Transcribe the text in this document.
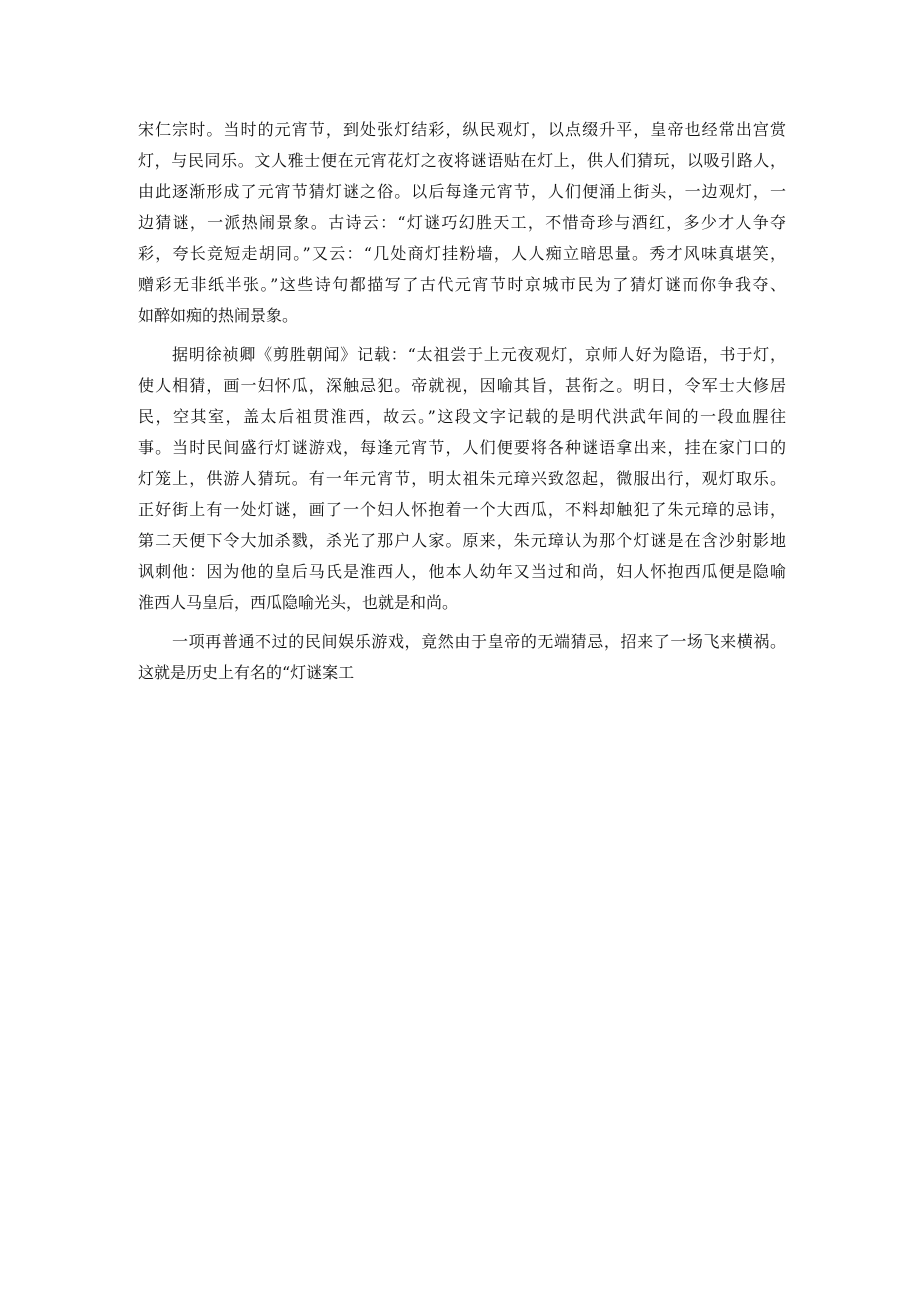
宋仁宗时。当时的元宵节，到处张灯结彩，纵民观灯，以点缀升平，皇帝也经常出宫赏
灯，与民同乐。文人雅士便在元宵花灯之夜将谜语贴在灯上，供人们猜玩，以吸引路人，
由此逐渐形成了元宵节猜灯谜之俗。以后每逢元宵节，人们便涌上街头，一边观灯，一
边猜谜，一派热闹景象。古诗云：“灯谜巧幻胜天工，不惜奇珍与酒红，多少才人争夺
彩，夸长竞短走胡同。”又云：“几处商灯挂粉墙，人人痴立暗思量。秀才风味真堪笑，
赠彩无非纸半张。”这些诗句都描写了古代元宵节时京城市民为了猜灯谜而你争我夺、
如醉如痴的热闹景象。
据明徐祯卿《剪胜朝闻》记载：“太祖尝于上元夜观灯，京师人好为隐语，书于灯，
使人相猜，画一妇怀瓜，深触忌犯。帝就视，因喻其旨，甚衔之。明日，令军士大修居
民，空其室，盖太后祖贯淮西，故云。”这段文字记载的是明代洪武年间的一段血腥往
事。当时民间盛行灯谜游戏，每逢元宵节，人们便要将各种谜语拿出来，挂在家门口的
灯笼上，供游人猜玩。有一年元宵节，明太祖朱元璋兴致忽起，微服出行，观灯取乐。
正好街上有一处灯谜，画了一个妇人怀抱着一个大西瓜，不料却触犯了朱元璋的忌讳，
第二天便下令大加杀戮，杀光了那户人家。原来，朱元璋认为那个灯谜是在含沙射影地
讽刺他：因为他的皇后马氏是淮西人，他本人幼年又当过和尚，妇人怀抱西瓜便是隐喻
淮西人马皇后，西瓜隐喻光头，也就是和尚。
一项再普通不过的民间娱乐游戏，竟然由于皇帝的无端猜忌，招来了一场飞来横祸。
这就是历史上有名的“灯谜案工
